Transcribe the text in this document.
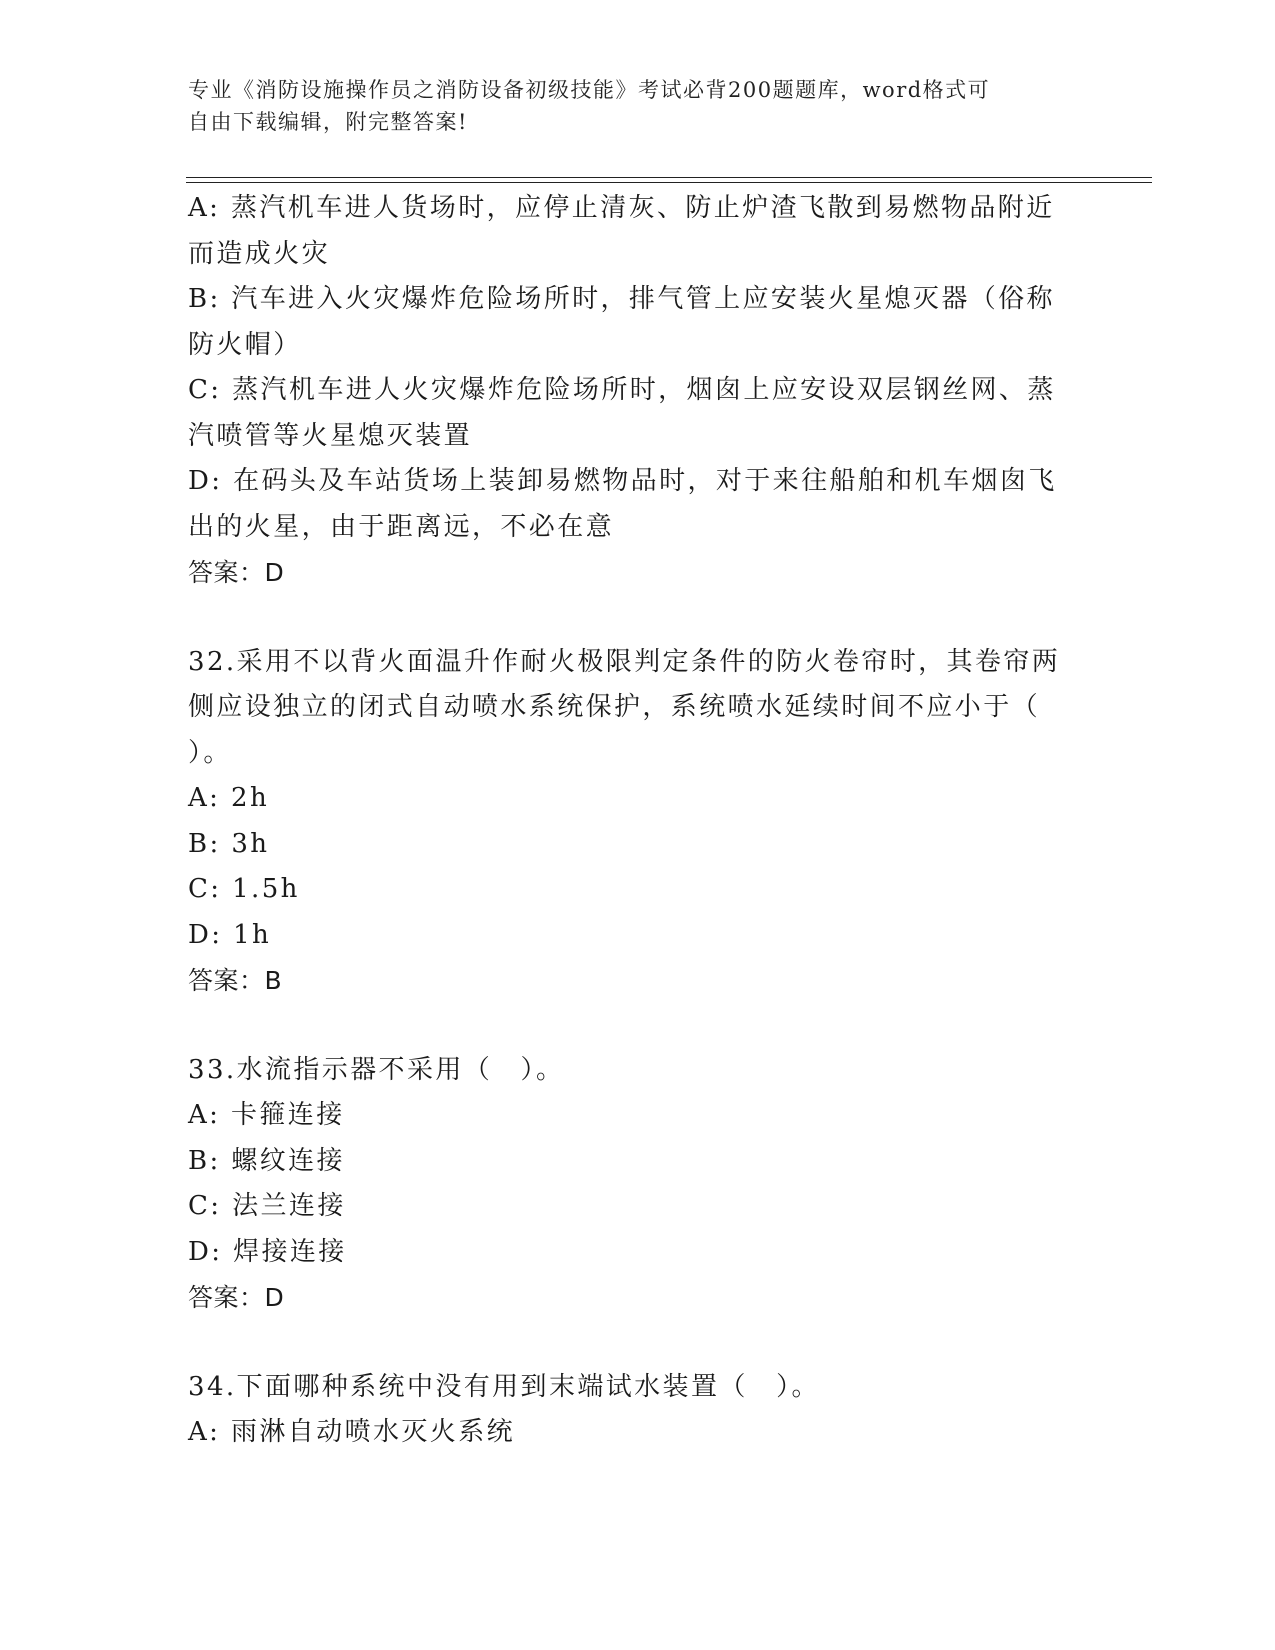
专业《消防设施操作员之消防设备初级技能》考试必背200题题库，word格式可
自由下载编辑，附完整答案!
A: 蒸汽机车进人货场时，应停止清灰、防止炉渣飞散到易燃物品附近
而造成火灾
B: 汽车进入火灾爆炸危险场所时，排气管上应安装火星熄灭器（俗称
防火帽）
C: 蒸汽机车进人火灾爆炸危险场所时，烟囱上应安设双层钢丝网、蒸
汽喷管等火星熄灭装置
D: 在码头及车站货场上装卸易燃物品时，对于来往船舶和机车烟囱飞
出的火星，由于距离远，不必在意
答案：D
32.采用不以背火面温升作耐火极限判定条件的防火卷帘时，其卷帘两
侧应设独立的闭式自动喷水系统保护，系统喷水延续时间不应小于（
）。
A: 2h
B: 3h
C: 1.5h
D: 1h
答案：B
33.水流指示器不采用（　）。
A: 卡箍连接
B: 螺纹连接
C: 法兰连接
D: 焊接连接
答案：D
34.下面哪种系统中没有用到末端试水装置（　）。
A: 雨淋自动喷水灭火系统
